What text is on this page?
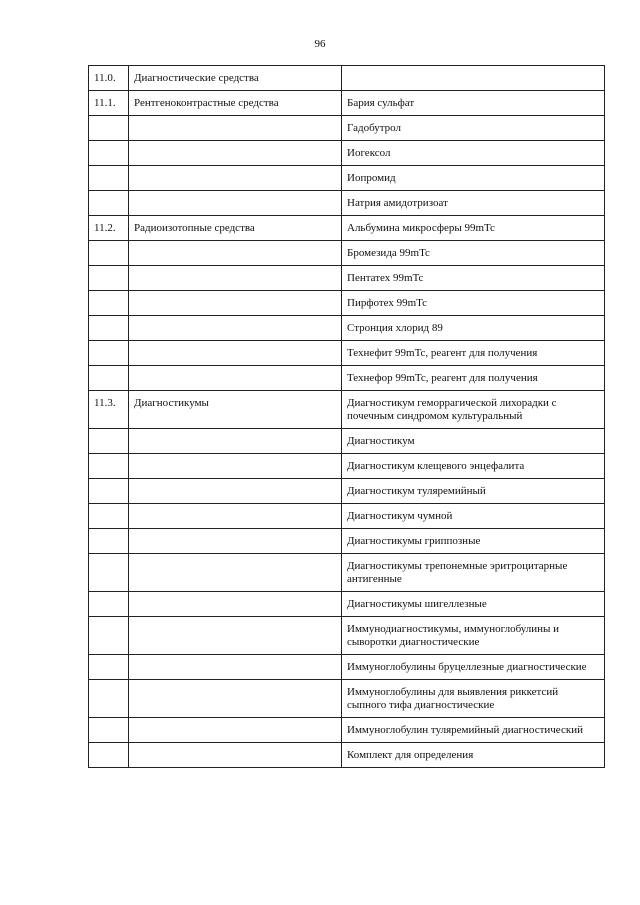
96
11.0.	Диагностические средства	
11.1.	Рентгеноконтрастные средства	Бария сульфат
		Гадобутрол
		Иогексол
		Иопромид
		Натрия амидотризоат
11.2.	Радиоизотопные средства	Альбумина микросферы 99mTc
		Бромезида 99mTc
		Пентатех 99mTc
		Пирфотех 99mTc
		Стронция хлорид 89
		Технефит 99mTc, реагент для получения
		Технефор 99mTc, реагент для получения
11.3.	Диагностикумы	Диагностикум геморрагической лихорадки с почечным синдромом культуральный
		Диагностикум
		Диагностикум клещевого энцефалита
		Диагностикум туляремийный
		Диагностикум чумной
		Диагностикумы гриппозные
		Диагностикумы трепонемные эритроцитарные антигенные
		Диагностикумы шигеллезные
		Иммунодиагностикумы, иммуноглобулины и сыворотки диагностические
		Иммуноглобулины бруцеллезные диагностические
		Иммуноглобулины для выявления риккетсий сыпного тифа диагностические
		Иммуноглобулин туляремийный диагностический
		Комплект для определения
